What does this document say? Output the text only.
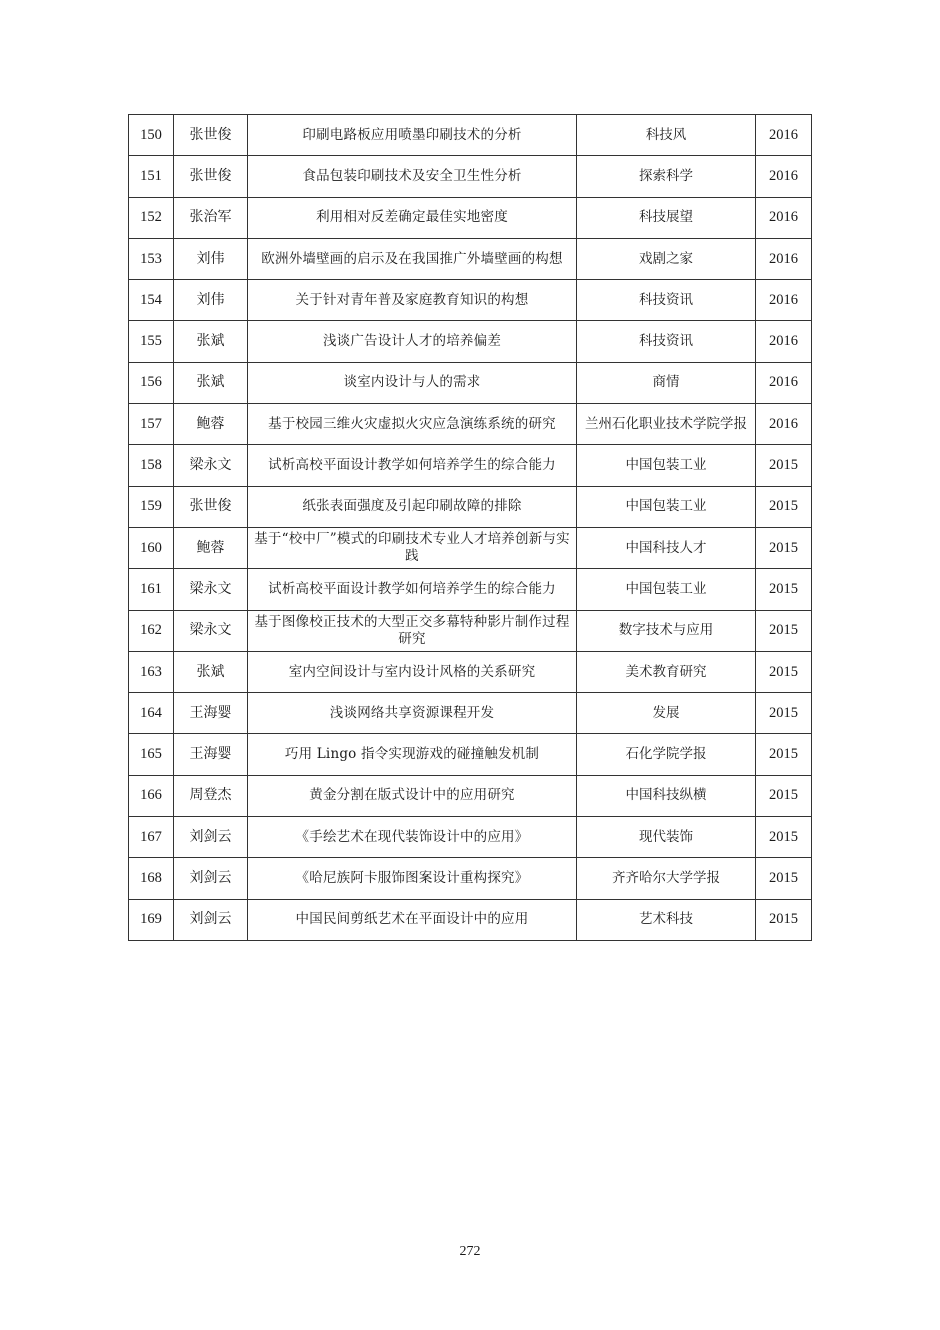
150	张世俊	印刷电路板应用喷墨印刷技术的分析	科技风	2016
151	张世俊	食品包装印刷技术及安全卫生性分析	探索科学	2016
152	张治军	利用相对反差确定最佳实地密度	科技展望	2016
153	刘伟	欧洲外墙壁画的启示及在我国推广外墙壁画的构想	戏剧之家	2016
154	刘伟	关于针对青年普及家庭教育知识的构想	科技资讯	2016
155	张斌	浅谈广告设计人才的培养偏差	科技资讯	2016
156	张斌	谈室内设计与人的需求	商情	2016
157	鲍蓉	基于校园三维火灾虚拟火灾应急演练系统的研究	兰州石化职业技术学院学报	2016
158	梁永文	试析高校平面设计教学如何培养学生的综合能力	中国包装工业	2015
159	张世俊	纸张表面强度及引起印刷故障的排除	中国包装工业	2015
160	鲍蓉	基于“校中厂”模式的印刷技术专业人才培养创新与实践	中国科技人才	2015
161	梁永文	试析高校平面设计教学如何培养学生的综合能力	中国包装工业	2015
162	梁永文	基于图像校正技术的大型正交多幕特种影片制作过程研究	数字技术与应用	2015
163	张斌	室内空间设计与室内设计风格的关系研究	美术教育研究	2015
164	王海婴	浅谈网络共享资源课程开发	发展	2015
165	王海婴	巧用 Lingo 指令实现游戏的碰撞触发机制	石化学院学报	2015
166	周登杰	黄金分割在版式设计中的应用研究	中国科技纵横	2015
167	刘剑云	《手绘艺术在现代装饰设计中的应用》	现代装饰	2015
168	刘剑云	《哈尼族阿卡服饰图案设计重构探究》	齐齐哈尔大学学报	2015
169	刘剑云	中国民间剪纸艺术在平面设计中的应用	艺术科技	2015
272
